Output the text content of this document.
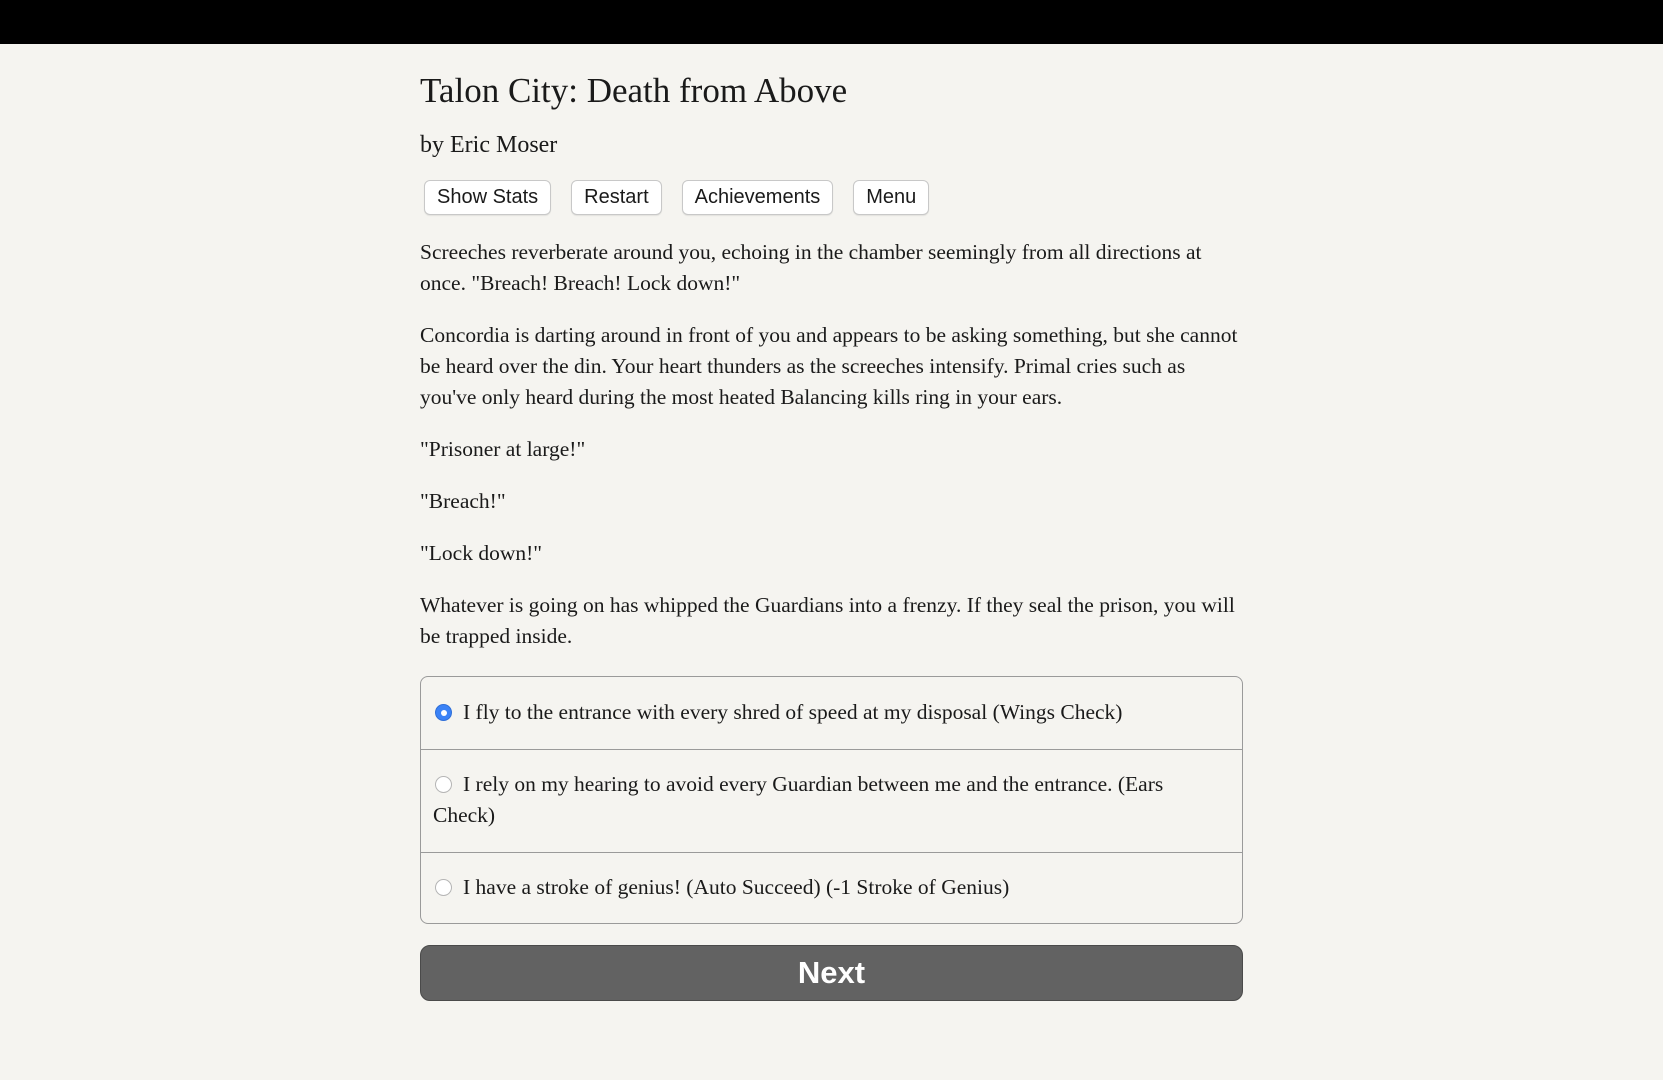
Talon City: Death from Above
by Eric Moser
Show Stats	Restart	Achievements	Menu

Screeches reverberate around you, echoing in the chamber seemingly from all directions at once. "Breach! Breach! Lock down!"

Concordia is darting around in front of you and appears to be asking something, but she cannot be heard over the din. Your heart thunders as the screeches intensify. Primal cries such as you've only heard during the most heated Balancing kills ring in your ears.

"Prisoner at large!"

"Breach!"

"Lock down!"

Whatever is going on has whipped the Guardians into a frenzy. If they seal the prison, you will be trapped inside.

I fly to the entrance with every shred of speed at my disposal (Wings Check)
I rely on my hearing to avoid every Guardian between me and the entrance. (Ears Check)
I have a stroke of genius! (Auto Succeed) (-1 Stroke of Genius)
Next
